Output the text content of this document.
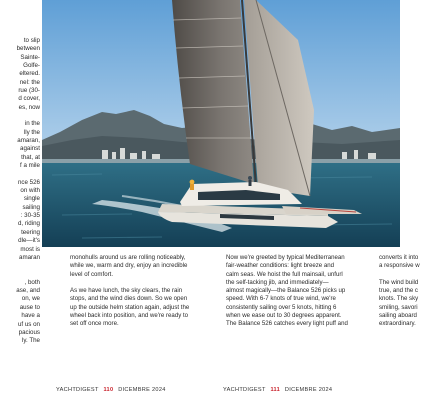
to slip

between

Sainte-

Golfe-

eltered.

nel: the

rue (30-

d cover,

es, now

in the

lly the

amaran,

against

that, at

f a mile

nce 526

on with

single

sailing

: 30-35

d, riding

teering

dle—it's

most is

amaran

, both

ase, and

on, we

ause to

have a

uf us on

pacious

ly. The

monohulls around us are rolling noticeably,

while we, warm and dry, enjoy an incredible

level of comfort.

As we have lunch, the sky clears, the rain

stops, and the wind dies down. So we open

up the outside helm station again, adjust the

wheel back into position, and we're ready to

set off once more.

Now we're greeted by typical Mediterranean

fair-weather conditions: light breeze and

calm seas. We hoist the full mainsail, unfurl

the self-tacking jib, and immediately—

almost magically—the Balance 526 picks up

speed. With 6-7 knots of true wind, we're

consistently sailing over 5 knots, hitting 6

when we ease out to 30 degrees apparent.

The Balance 526 catches every light puff and

converts it into

a responsive w

The wind build

true, and the c

knots. The sky

smiling, savori

sailing aboard

extraordinary.

YACHTDIGEST 110 DICEMBRE 2024	YACHTDIGEST 111 DICEMBRE 2024
